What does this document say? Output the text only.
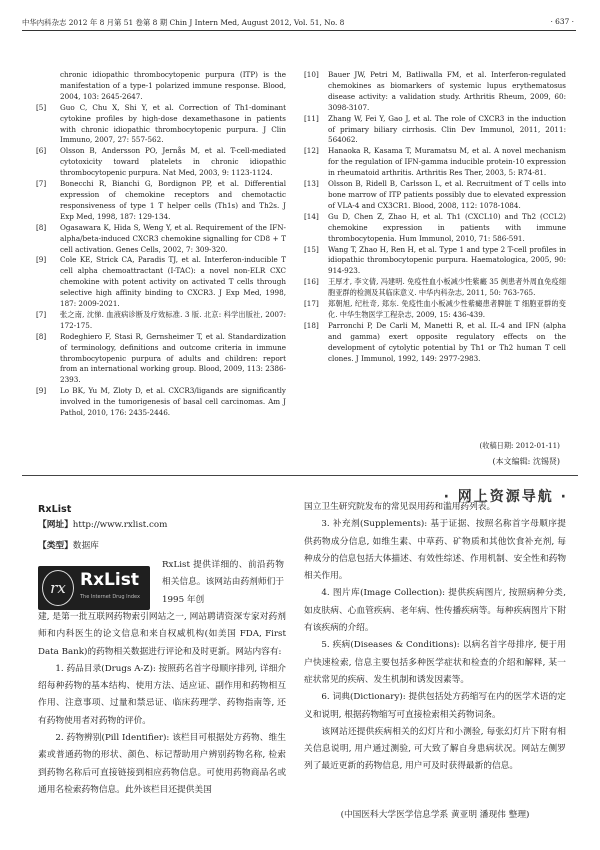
中华内科杂志 2012 年 8 月第 51 卷第 8 期 Chin J Intern Med, August 2012, Vol. 51, No. 8	· 637 ·
chronic idiopathic thrombocytopenic purpura (ITP) is the manifestation of a type-1 polarized immune response. Blood, 2004, 103: 2645-2647.
[5] Guo C, Chu X, Shi Y, et al. Correction of Th1-dominant cytokine profiles by high-dose dexamethasone in patients with chronic idiopathic thrombocytopenic purpura. J Clin Immuno, 2007, 27: 557-562.
[6] Olsson B, Andersson PO, Jernås M, et al. T-cell-mediated cytotoxicity toward platelets in chronic idiopathic thrombocytopenic purpura. Nat Med, 2003, 9: 1123-1124.
[7] Bonecchi R, Bianchi G, Bordignon PP, et al. Differential expression of chemokine receptors and chemotactic responsiveness of type 1 T helper cells (Th1s) and Th2s. J Exp Med, 1998, 187: 129-134.
[8] Ogasawara K, Hida S, Weng Y, et al. Requirement of the IFN-alpha/beta-induced CXCR3 chemokine signalling for CD8 + T cell activation. Genes Cells, 2002, 7: 309-320.
[9] Cole KE, Strick CA, Paradis TJ, et al. Interferon-inducible T cell alpha chemoattractant (I-TAC): a novel non-ELR CXC chemokine with potent activity on activated T cells through selective high affinity binding to CXCR3. J Exp Med, 1998, 187: 2009-2021.
[7] 张之南, 沈悌. 血液病诊断及疗效标准. 3 版. 北京: 科学出版社, 2007: 172-175.
[8] Rodeghiero F, Stasi R, Gernsheimer T, et al. Standardization of terminology, definitions and outcome criteria in immune thrombocytopenic purpura of adults and children: report from an international working group. Blood, 2009, 113: 2386-2393.
[9] Lo BK, Yu M, Zloty D, et al. CXCR3/ligands are significantly involved in the tumorigenesis of basal cell carcinomas. Am J Pathol, 2010, 176: 2435-2446.
[10] Bauer JW, Petri M, Batliwalla FM, et al. Interferon-regulated chemokines as biomarkers of systemic lupus erythematosus disease activity: a validation study. Arthritis Rheum, 2009, 60: 3098-3107.
[11] Zhang W, Fei Y, Gao J, et al. The role of CXCR3 in the induction of primary biliary cirrhosis. Clin Dev Immunol, 2011, 2011: 564062.
[12] Hanaoka R, Kasama T, Muramatsu M, et al. A novel mechanism for the regulation of IFN-gamma inducible protein-10 expression in rheumatoid arthritis. Arthritis Res Ther, 2003, 5: R74-81.
[13] Olsson B, Ridell B, Carlsson L, et al. Recruitment of T cells into bone marrow of ITP patients possibly due to elevated expression of VLA-4 and CX3CR1. Blood, 2008, 112: 1078-1084.
[14] Gu D, Chen Z, Zhao H, et al. Th1 (CXCL10) and Th2 (CCL2) chemokine expression in patients with immune thrombocytopenia. Hum Immunol, 2010, 71: 586-591.
[15] Wang T, Zhao H, Ren H, et al. Type 1 and type 2 T-cell profiles in idiopathic thrombocytopenic purpura. Haematologica, 2005, 90: 914-923.
[16] 王厚才, 李文倩, 冯建明. 免疫性血小板减少性紫癜 35 例患者外周血免疫细胞亚群的检测及其临床意义. 中华内科杂志, 2011, 50: 763-765.
[17] 郑朝旭, 纪杜奇, 郑东. 免疫性血小板减少性紫癜患者脾脏 T 细胞亚群的变化. 中华生物医学工程杂志, 2009, 15: 436-439.
[18] Parronchi P, De Carli M, Manetti R, et al. IL-4 and IFN (alpha and gamma) exert opposite regulatory effects on the development of cytolytic potential by Th1 or Th2 human T cell clones. J Immunol, 1992, 149: 2977-2983.
(收稿日期: 2012-01-11)
(本文编辑: 沈锡贤)
· 网上资源导航 ·
RxList
【网址】http://www.rxlist.com
【类型】数据库
rx RxList
The Internet Drug Index
RxList 提供详细的、前沿药物相关信息。该网站由药剂师们于 1995 年创

建, 是第一批互联网药物索引网站之一, 网站聘请资深专家对药剂师和内科医生的论文信息和来自权威机构(如美国 FDA, First Data Bank)的药物相关数据进行评论和及时更新。网站内容有:

1. 药品目录(Drugs A-Z): 按照药名首字母顺序排列, 详细介绍每种药物的基本结构、使用方法、适应证、副作用和药物相互作用、注意事项、过量和禁忌证、临床药理学、药物指南等, 还有药物使用者对药物的评价。

2. 药物辨别(Pill Identifier): 该栏目可根据处方药物、维生素或普通药物的形状、颜色、标记帮助用户辨别药物名称, 检索到药物名称后可直接链接到相应药物信息。可使用药物商品名或通用名检索药物信息。此外该栏目还提供美国

国立卫生研究院发布的常见误用药和滥用药列表。

3. 补充剂(Supplements): 基于证据、按照名称首字母顺序提供药物成分信息, 如维生素、中草药、矿物质和其他饮食补充剂, 每种成分的信息包括大体描述、有效性综述、作用机制、安全性和药物相关作用。

4. 图片库(Image Collection): 提供疾病图片, 按照病种分类, 如皮肤病、心血管疾病、老年病、性传播疾病等。每种疾病图片下附有该疾病的介绍。

5. 疾病(Diseases & Conditions): 以病名首字母排序, 便于用户快速检索, 信息主要包括多种医学症状和检查的介绍和解释, 某一症状常见的疾病、发生机制和诱发因素等。

6. 词典(Dictionary): 提供包括处方药缩写在内的医学术语的定义和说明, 根据药物缩写可直接检索相关药物词条。

该网站还提供疾病相关的幻灯片和小测验, 每张幻灯片下附有相关信息说明, 用户通过测验, 可大致了解自身患病状况。网站左侧罗列了最近更新的药物信息, 用户可及时获得最新的信息。

(中国医科大学医学信息学系 黄亚明 潘现伟 整理)
